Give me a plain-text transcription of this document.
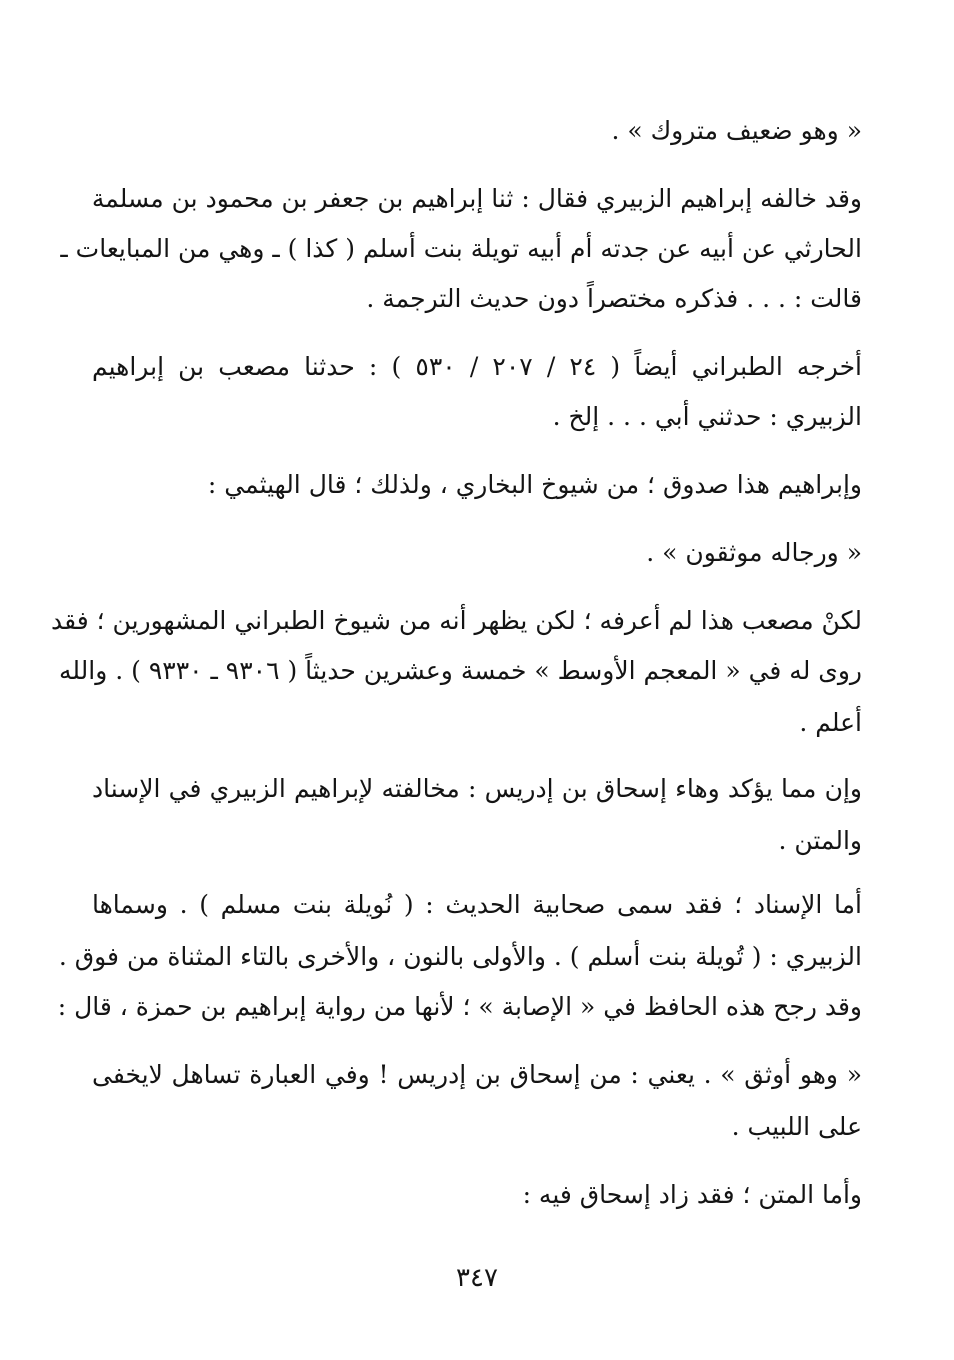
« وهو ضعيف متروك » .

وقد خالفه إبراهيم الزبيري فقال : ثنا إبراهيم بن جعفر بن محمود بن مسلمة

الحارثي عن أبيه عن جدته أم أبيه تويلة بنت أسلم ( كذا ) ـ وهي من المبايعات ـ

قالت : . . . فذكره مختصراً دون حديث الترجمة .

أخرجه الطبراني أيضاً ( ٢٤ / ٢٠٧ / ٥٣٠ ) : حدثنا مصعب بن إبراهيم

الزبيري : حدثني أبي . . . إلخ .

وإبراهيم هذا صدوق ؛ من شيوخ البخاري ، ولذلك ؛ قال الهيثمي :

« ورجاله موثقون » .

لكنْ مصعب هذا لم أعرفه ؛ لكن يظهر أنه من شيوخ الطبراني المشهورين ؛ فقد

روى له في « المعجم الأوسط » خمسة وعشرين حديثاً ( ٩٣٠٦ ـ ٩٣٣٠ ) . والله

أعلم .

وإن مما يؤكد وهاء إسحاق بن إدريس : مخالفته لإبراهيم الزبيري في الإسناد

والمتن .

أما الإسناد ؛ فقد سمى صحابية الحديث : ( نُويلة بنت مسلم ) . وسماها

الزبيري : ( تُويلة بنت أسلم ) . والأولى بالنون ، والأخرى بالتاء المثناة من فوق .

وقد رجح هذه الحافظ في « الإصابة » ؛ لأنها من رواية إبراهيم بن حمزة ، قال :

« وهو أوثق » . يعني : من إسحاق بن إدريس ! وفي العبارة تساهل لايخفى

على اللبيب .

وأما المتن ؛ فقد زاد إسحاق فيه :

٣٤٧
